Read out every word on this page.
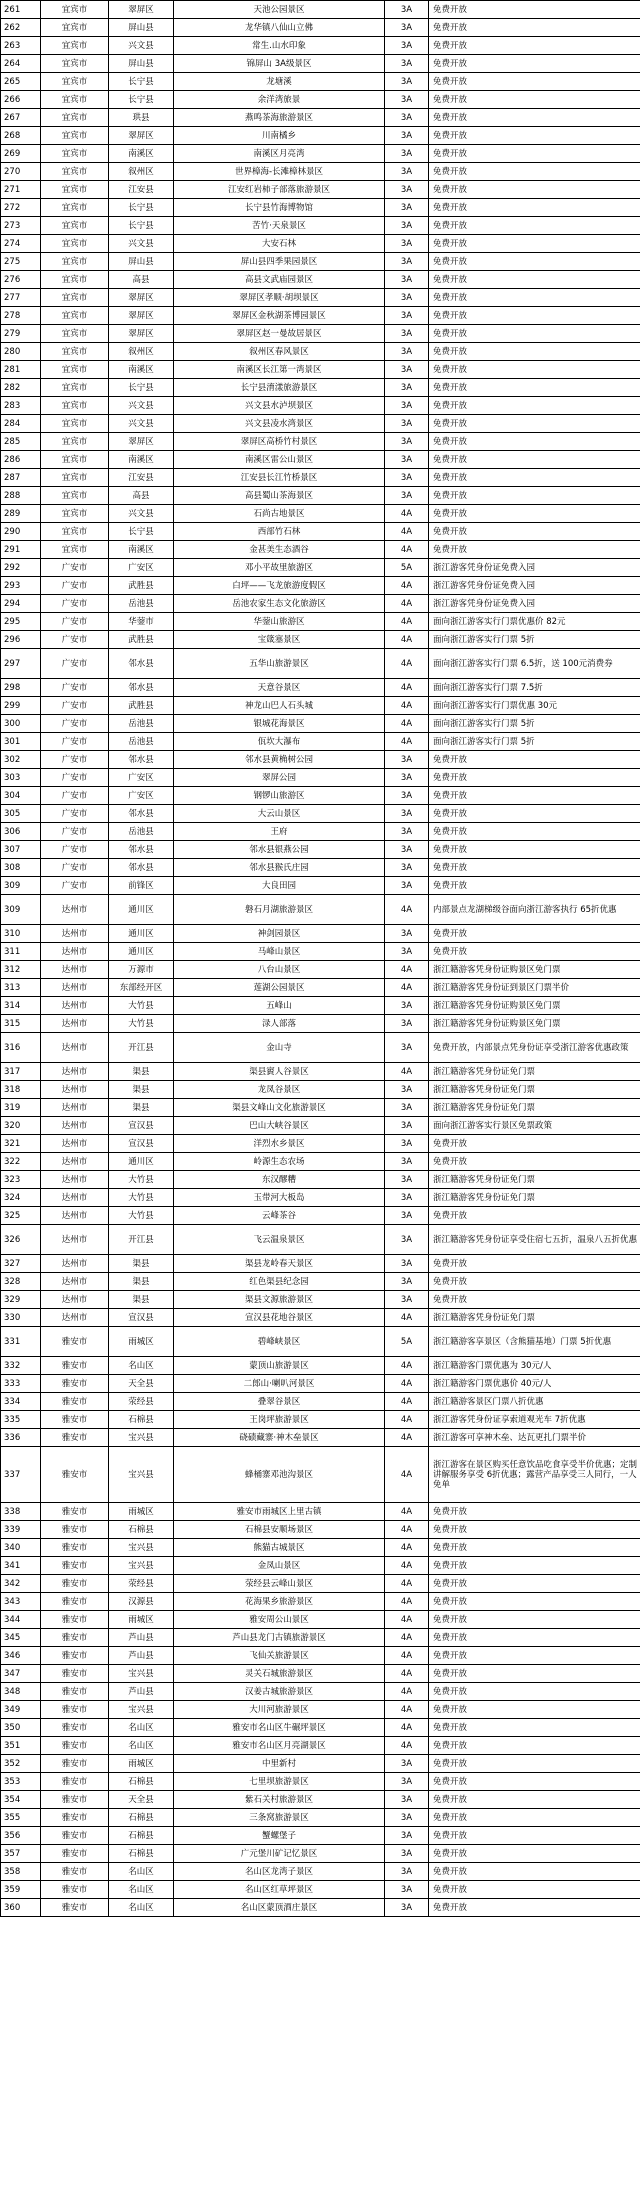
261	宜宾市	翠屏区	天池公园景区	3A	免费开放
262	宜宾市	屏山县	龙华镇八仙山立佛	3A	免费开放
263	宜宾市	兴文县	常生.山水印象	3A	免费开放
264	宜宾市	屏山县	锦屏山 3A级景区	3A	免费开放
265	宜宾市	长宁县	龙塘溪	3A	免费开放
266	宜宾市	长宁县	余洋湾旅景	3A	免费开放
267	宜宾市	珙县	燕鸣茶海旅游景区	3A	免费开放
268	宜宾市	翠屏区	川南橘乡	3A	免费开放
269	宜宾市	南溪区	南溪区月亮湾	3A	免费开放
270	宜宾市	叙州区	世界樟海-长滩樟林景区	3A	免费开放
271	宜宾市	江安县	江安红岩柿子部落旅游景区	3A	免费开放
272	宜宾市	长宁县	长宁县竹海博物馆	3A	免费开放
273	宜宾市	长宁县	苦竹·天泉景区	3A	免费开放
274	宜宾市	兴文县	大安石林	3A	免费开放
275	宜宾市	屏山县	屏山县四季果园景区	3A	免费开放
276	宜宾市	高县	高县文武庙园景区	3A	免费开放
277	宜宾市	翠屏区	翠屏区孝顺·胡坝景区	3A	免费开放
278	宜宾市	翠屏区	翠屏区金秋湖茶博园景区	3A	免费开放
279	宜宾市	翠屏区	翠屏区赵一曼故居景区	3A	免费开放
280	宜宾市	叙州区	叙州区春风景区	3A	免费开放
281	宜宾市	南溪区	南溪区长江第一湾景区	3A	免费开放
282	宜宾市	长宁县	长宁县淯漾旅游景区	3A	免费开放
283	宜宾市	兴文县	兴文县水泸坝景区	3A	免费开放
284	宜宾市	兴文县	兴文县凌水湾景区	3A	免费开放
285	宜宾市	翠屏区	翠屏区高桥竹村景区	3A	免费开放
286	宜宾市	南溪区	南溪区雷公山景区	3A	免费开放
287	宜宾市	江安县	江安县长江竹桥景区	3A	免费开放
288	宜宾市	高县	高县蜀山茶海景区	3A	免费开放
289	宜宾市	兴文县	石尚古地景区	4A	免费开放
290	宜宾市	长宁县	西部竹石林	4A	免费开放
291	宜宾市	南溪区	金甚美生态酒谷	4A	免费开放
292	广安市	广安区	邓小平故里旅游区	5A	浙江游客凭身份证免费入园
293	广安市	武胜县	白坪——飞龙旅游度假区	4A	浙江游客凭身份证免费入园
294	广安市	岳池县	岳池农家生态文化旅游区	4A	浙江游客凭身份证免费入园
295	广安市	华蓥市	华蓥山旅游区	4A	面向浙江游客实行门票优惠价 82元
296	广安市	武胜县	宝箴塞景区	4A	面向浙江游客实行门票 5折
297	广安市	邻水县	五华山旅游景区	4A	面向浙江游客实行门票 6.5折，送 100元消费券
298	广安市	邻水县	天意谷景区	4A	面向浙江游客实行门票 7.5折
299	广安市	武胜县	神龙山巴人石头城	4A	面向浙江游客实行门票优惠 30元
300	广安市	岳池县	银城花海景区	4A	面向浙江游客实行门票 5折
301	广安市	岳池县	佤坎大瀑布	4A	面向浙江游客实行门票 5折
302	广安市	邻水县	邻水县黄桷树公园	3A	免费开放
303	广安市	广安区	翠屏公园	3A	免费开放
304	广安市	广安区	钢锣山旅游区	3A	免费开放
305	广安市	邻水县	大云山景区	3A	免费开放
306	广安市	岳池县	王府	3A	免费开放
307	广安市	邻水县	邻水县银燕公园	3A	免费开放
308	广安市	邻水县	邻水县猴氏庄园	3A	免费开放
309	广安市	前锋区	大良田园	3A	免费开放
309	达州市	通川区	磐石月湖旅游景区	4A	内部景点龙湖梯级谷面向浙江游客执行 65折优惠
310	达州市	通川区	神剑园景区	3A	免费开放
311	达州市	通川区	马峰山景区	3A	免费开放
312	达州市	万源市	八台山景区	4A	浙江籍游客凭身份证购景区免门票
313	达州市	东部经开区	莲湖公园景区	4A	浙江籍游客凭身份证到景区门票半价
314	达州市	大竹县	五峰山	3A	浙江籍游客凭身份证购景区免门票
315	达州市	大竹县	渌人部落	3A	浙江籍游客凭身份证购景区免门票
316	达州市	开江县	金山寺	3A	免费开放，内部景点凭身份证享受浙江游客优惠政策
317	达州市	渠县	渠县賨人谷景区	4A	浙江籍游客凭身份证免门票
318	达州市	渠县	龙凤谷景区	3A	浙江籍游客凭身份证免门票
319	达州市	渠县	渠县文峰山文化旅游景区	3A	浙江籍游客凭身份证免门票
320	达州市	宣汉县	巴山大峡谷景区	3A	面向浙江游客实行景区免票政策
321	达州市	宣汉县	洋烈水乡景区	3A	免费开放
322	达州市	通川区	岭源生态农场	3A	免费开放
323	达州市	大竹县	东汉醪糟	3A	浙江籍游客凭身份证免门票
324	达州市	大竹县	玉带河大板岛	3A	浙江籍游客凭身份证免门票
325	达州市	大竹县	云峰茶谷	3A	免费开放
326	达州市	开江县	飞云温泉景区	3A	浙江籍游客凭身份证享受住宿七五折，温泉八五折优惠
327	达州市	渠县	渠县龙岭春天景区	3A	免费开放
328	达州市	渠县	红色渠县纪念园	3A	免费开放
329	达州市	渠县	渠县文源旅游景区	3A	免费开放
330	达州市	宣汉县	宣汉县花地谷景区	4A	浙江籍游客凭身份证免门票
331	雅安市	雨城区	碧峰峡景区	5A	浙江籍游客享景区（含熊猫基地）门票 5折优惠
332	雅安市	名山区	蒙顶山旅游景区	4A	浙江籍游客门票优惠为 30元/人
333	雅安市	天全县	二郎山·喇叭河景区	4A	浙江籍游客门票优惠价 40元/人
334	雅安市	荥经县	叠翠谷景区	4A	浙江籍游客景区门票八折优惠
335	雅安市	石棉县	王岗坪旅游景区	4A	浙江游客凭身份证享索道观光车 7折优惠
336	雅安市	宝兴县	硗碛藏寨·神木垒景区	4A	浙江游客可享神木垒、达瓦更扎门票半价
337	雅安市	宝兴县	蜂桶寨邓池沟景区	4A	浙江游客在景区购买任意饮品吃食享受半价优惠；定制讲解服务享受 6折优惠；露营产品享受三人同行，一人免单
338	雅安市	雨城区	雅安市雨城区上里古镇	4A	免费开放
339	雅安市	石棉县	石棉县安顺场景区	4A	免费开放
340	雅安市	宝兴县	熊猫古城景区	4A	免费开放
341	雅安市	宝兴县	金凤山景区	4A	免费开放
342	雅安市	荥经县	荥经县云峰山景区	4A	免费开放
343	雅安市	汉源县	花海果乡旅游景区	4A	免费开放
344	雅安市	雨城区	雅安周公山景区	4A	免费开放
345	雅安市	芦山县	芦山县龙门古镇旅游景区	4A	免费开放
346	雅安市	芦山县	飞仙关旅游景区	4A	免费开放
347	雅安市	宝兴县	灵关石城旅游景区	4A	免费开放
348	雅安市	芦山县	汉姜古城旅游景区	4A	免费开放
349	雅安市	宝兴县	大川河旅游景区	4A	免费开放
350	雅安市	名山区	雅安市名山区牛碾坪景区	4A	免费开放
351	雅安市	名山区	雅安市名山区月亮湖景区	4A	免费开放
352	雅安市	雨城区	中里新村	3A	免费开放
353	雅安市	石棉县	七里坝旅游景区	3A	免费开放
354	雅安市	天全县	紫石关村旅游景区	3A	免费开放
355	雅安市	石棉县	三条窝旅游景区	3A	免费开放
356	雅安市	石棉县	蟹螺堡子	3A	免费开放
357	雅安市	石棉县	广元堡川矿记忆景区	3A	免费开放
358	雅安市	名山区	名山区龙湾子景区	3A	免费开放
359	雅安市	名山区	名山区红草坪景区	3A	免费开放
360	雅安市	名山区	名山区蒙顶酒庄景区	3A	免费开放
